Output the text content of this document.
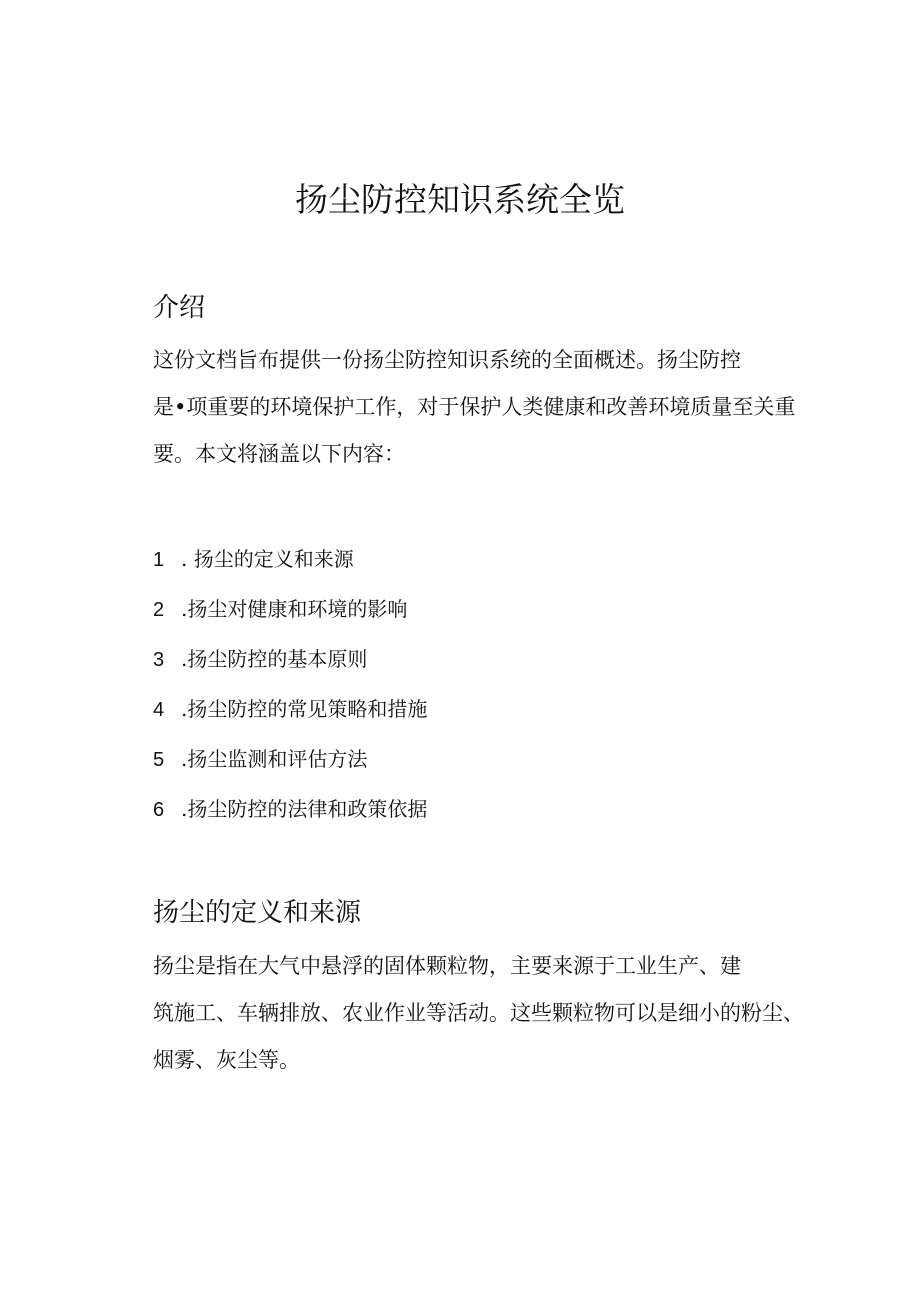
扬尘防控知识系统全览
介绍

这份文档旨布提供一份扬尘防控知识系统的全面概述。扬尘防控
是•项重要的环境保护工作，对于保护人类健康和改善环境质量至关重
要。本文将涵盖以下内容：

1 . 扬尘的定义和来源
2 .扬尘对健康和环境的影响
3 .扬尘防控的基本原则
4 .扬尘防控的常见策略和措施
5 .扬尘监测和评估方法
6 .扬尘防控的法律和政策依据
扬尘的定义和来源

扬尘是指在大气中悬浮的固体颗粒物，主要来源于工业生产、建
筑施工、车辆排放、农业作业等活动。这些颗粒物可以是细小的粉尘、
烟雾、灰尘等。
